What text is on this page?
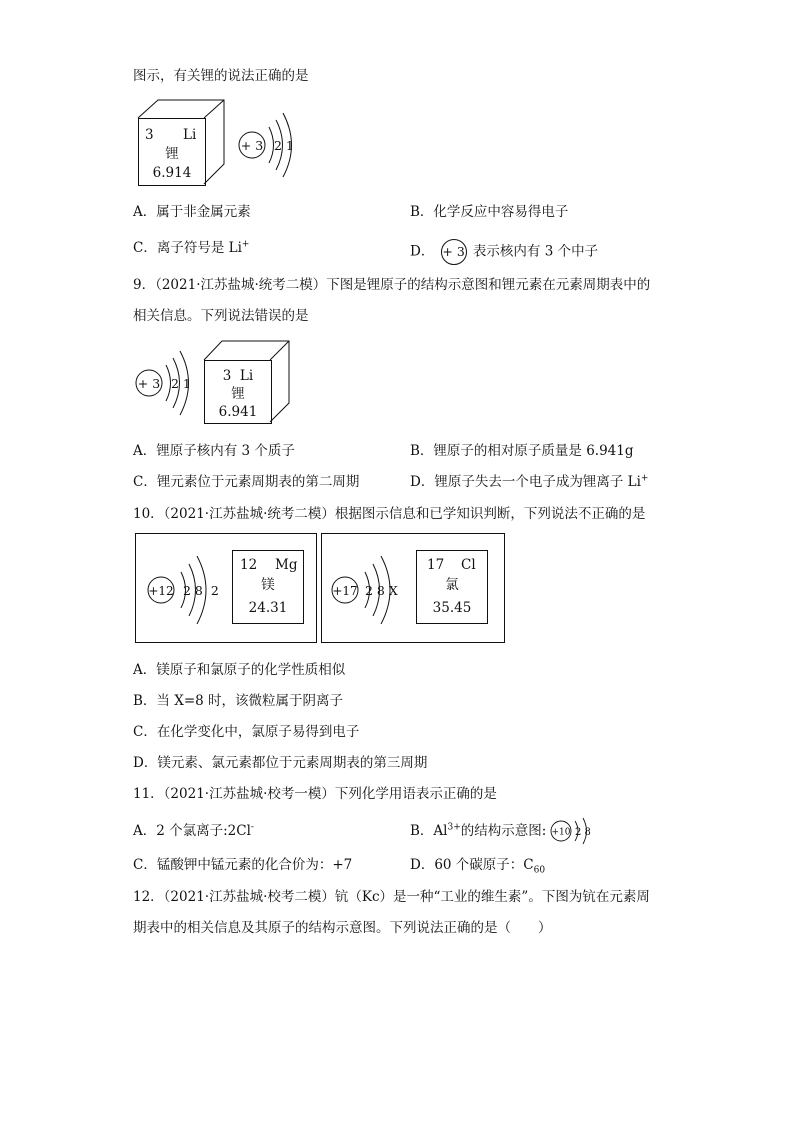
图示，有关锂的说法正确的是
3 Li
锂
6.914
+ 3 2 1
A．属于非金属元素	B．化学反应中容易得电子
C．离子符号是 Li+	D． + 3 表示核内有 3 个中子
9．（2021·江苏盐城·统考二模）下图是锂原子的结构示意图和锂元素在元素周期表中的
相关信息。下列说法错误的是
+ 3 2 1	3  Li
锂
6.941
A．锂原子核内有 3 个质子	B．锂原子的相对原子质量是 6.941g
C．锂元素位于元素周期表的第二周期	D．锂原子失去一个电子成为锂离子 Li+
10．（2021·江苏盐城·统考二模）根据图示信息和已学知识判断，下列说法不正确的是
+12 2 8  2
12 Mg
镁
24.31
+17 2 8 X
17 Cl
氯
35.45
A．镁原子和氯原子的化学性质相似
B．当 X=8 时，该微粒属于阴离子
C．在化学变化中，氯原子易得到电子
D．镁元素、氯元素都位于元素周期表的第三周期
11．（2021·江苏盐城·校考一模）下列化学用语表示正确的是
A．2 个氯离子:2Cl-	B．$Al^{3+}$的结构示意图: +10 2 8
C．锰酸钾中锰元素的化合价为：+7	D．60 个碳原子：$C_{60}$
12．（2021·江苏盐城·校考二模）钪（Kc）是一种“工业的维生素”。下图为钪在元素周
期表中的相关信息及其原子的结构示意图。下列说法正确的是（　　）
